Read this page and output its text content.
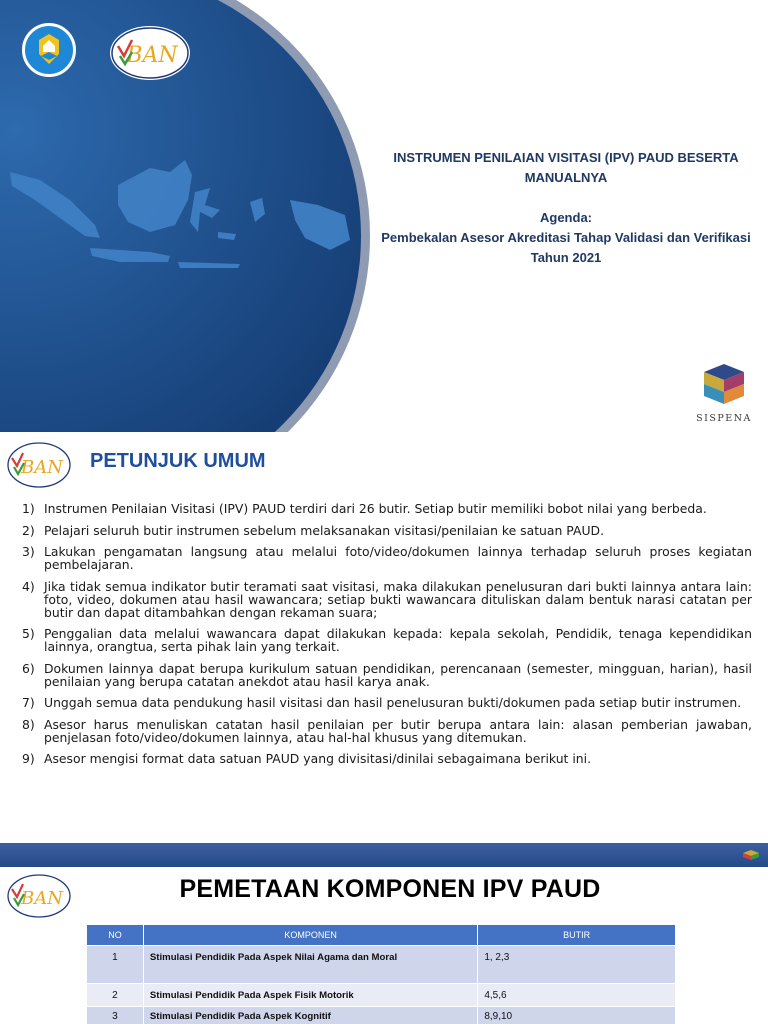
BAN
INSTRUMEN PENILAIAN VISITASI (IPV) PAUD BESERTA
MANUALNYA
Agenda:
Pembekalan Asesor Akreditasi Tahap Validasi dan Verifikasi
Tahun 2021
SISPENA
BAN PETUNJUK UMUM
1) Instrumen Penilaian Visitasi (IPV) PAUD terdiri dari 26 butir. Setiap butir memiliki bobot nilai yang berbeda.
2) Pelajari seluruh butir instrumen sebelum melaksanakan visitasi/penilaian ke satuan PAUD.
3) Lakukan pengamatan langsung atau melalui foto/video/dokumen lainnya terhadap seluruh proses kegiatan pembelajaran.
4) Jika tidak semua indikator butir teramati saat visitasi, maka dilakukan penelusuran dari bukti lainnya antara lain: foto, video, dokumen atau hasil wawancara; setiap bukti wawancara dituliskan dalam bentuk narasi catatan per butir dan dapat ditambahkan dengan rekaman suara;
5) Penggalian data melalui wawancara dapat dilakukan kepada: kepala sekolah, Pendidik, tenaga kependidikan lainnya, orangtua, serta pihak lain yang terkait.
6) Dokumen lainnya dapat berupa kurikulum satuan pendidikan, perencanaan (semester, mingguan, harian), hasil penilaian yang berupa catatan anekdot atau hasil karya anak.
7) Unggah semua data pendukung hasil visitasi dan hasil penelusuran bukti/dokumen pada setiap butir instrumen.
8) Asesor harus menuliskan catatan hasil penilaian per butir berupa antara lain: alasan pemberian jawaban, penjelasan foto/video/dokumen lainnya, atau hal-hal khusus yang ditemukan.
9) Asesor mengisi format data satuan PAUD yang divisitasi/dinilai sebagaimana berikut ini.
BAN	PEMETAAN KOMPONEN IPV PAUD
NO	KOMPONEN	BUTIR
1	Stimulasi Pendidik Pada Aspek Nilai Agama dan Moral	1, 2,3
2	Stimulasi Pendidik Pada Aspek Fisik Motorik	4,5,6
3	Stimulasi Pendidik Pada Aspek Kognitif	8,9,10
